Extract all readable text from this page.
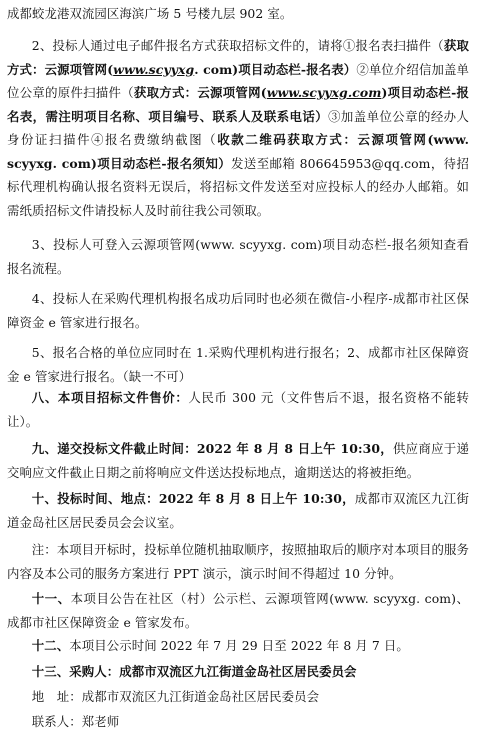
成都蛟龙港双流园区海滨广场 5 号楼九层 902 室。
2、投标人通过电子邮件报名方式获取招标文件的，请将①报名表扫描件（获取方式：云源项管网(www.scyyxg. com)项目动态栏-报名表）②单位介绍信加盖单位公章的原件扫描件（获取方式：云源项管网(www.scyyxg.com)项目动态栏-报名表，需注明项目名称、项目编号、联系人及联系电话）③加盖单位公章的经办人身份证扫描件④报名费缴纳截图（收款二维码获取方式：云源项管网(www. scyyxg. com)项目动态栏-报名须知）发送至邮箱 806645953@qq.com，待招标代理机构确认报名资料无误后，将招标文件发送至对应投标人的经办人邮箱。如需纸质招标文件请投标人及时前往我公司领取。
3、投标人可登入云源项管网(www. scyyxg. com)项目动态栏-报名须知查看报名流程。
4、投标人在采购代理机构报名成功后同时也必须在微信-小程序-成都市社区保障资金 e 管家进行报名。
5、报名合格的单位应同时在 1.采购代理机构进行报名；2、成都市社区保障资金 e 管家进行报名。（缺一不可）
八、本项目招标文件售价：人民币 300 元（文件售后不退，报名资格不能转让）。
九、递交投标文件截止时间：2022 年 8 月 8 日上午 10:30，供应商应于递交响应文件截止日期之前将响应文件送达投标地点，逾期送达的将被拒绝。
十、投标时间、地点：2022 年 8 月 8 日上午 10:30，成都市双流区九江街道金岛社区居民委员会会议室。
注：本项目开标时，投标单位随机抽取顺序，按照抽取后的顺序对本项目的服务内容及本公司的服务方案进行 PPT 演示，演示时间不得超过 10 分钟。
十一、本项目公告在社区（村）公示栏、云源项管网(www. scyyxg. com)、成都市社区保障资金 e 管家发布。
十二、本项目公示时间 2022 年 7 月 29 日至 2022 年 8 月 7 日。
十三、采购人：成都市双流区九江街道金岛社区居民委员会
地　址：成都市双流区九江街道金岛社区居民委员会
联系人：郑老师
